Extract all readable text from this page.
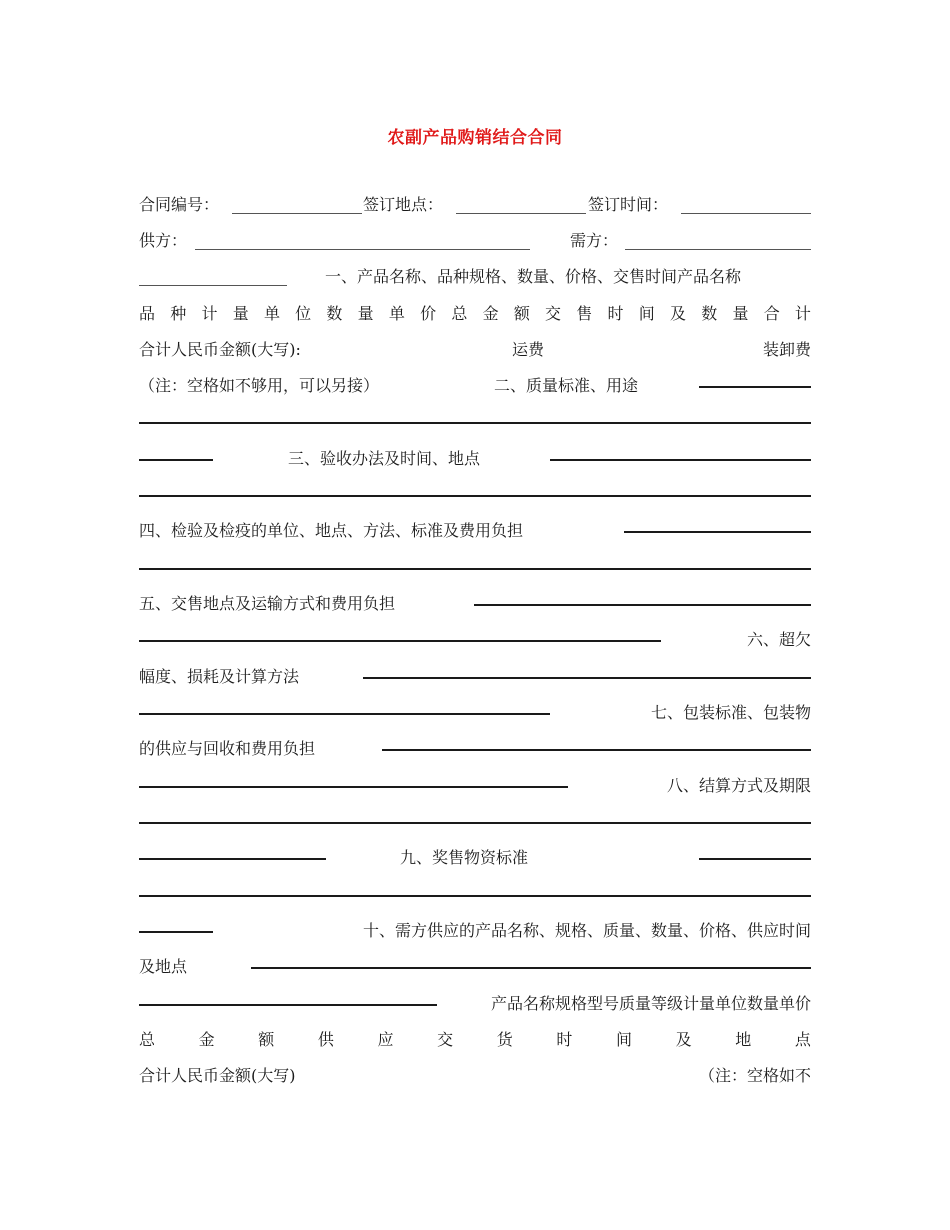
农副产品购销结合合同
合同编号：	签订地点：	签订时间：
供方：	需方：
一、产品名称、品种规格、数量、价格、交售时间产品名称
品 种 计 量 单 位 数 量 单 价 总 金 额 交 售 时 间 及 数 量 合 计
合计人民币金额(大写):	运费	装卸费
（注：空格如不够用，可以另接）	二、质量标准、用途
三、验收办法及时间、地点
四、检验及检疫的单位、地点、方法、标准及费用负担
五、交售地点及运输方式和费用负担
六、超欠
幅度、损耗及计算方法
七、包装标准、包装物
的供应与回收和费用负担
八、结算方式及期限
九、奖售物资标准
十、需方供应的产品名称、规格、质量、数量、价格、供应时间
及地点
产品名称规格型号质量等级计量单位数量单价
总	金	额	供	应	交	货	时	间	及	地	点
合计人民币金额(大写)	（注：空格如不
